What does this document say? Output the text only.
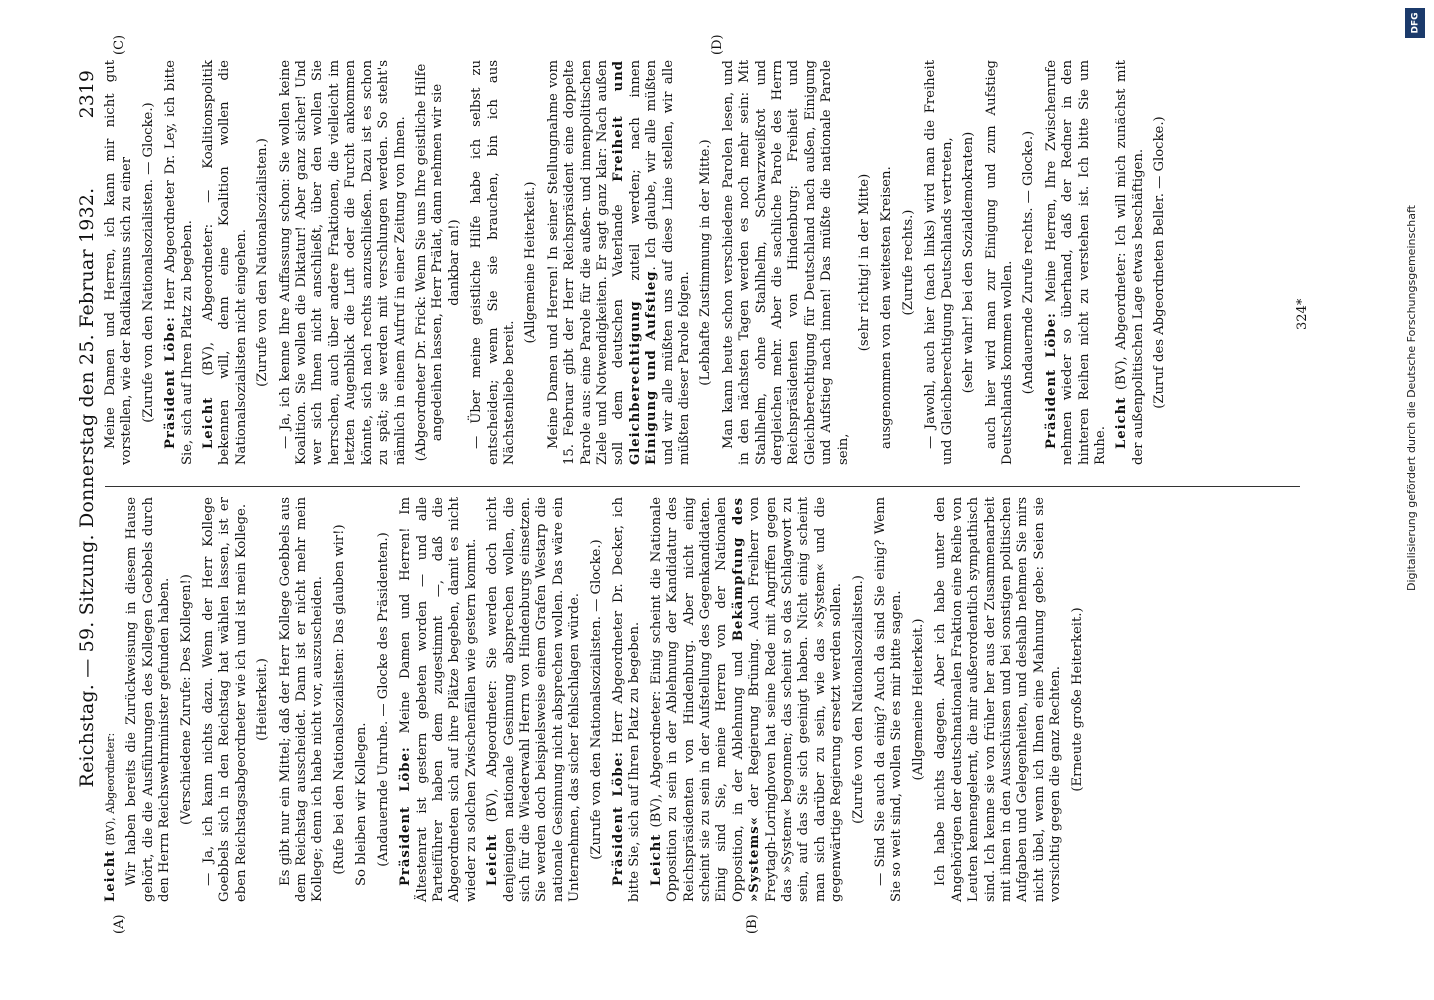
Reichstag. — 59. Sitzung. Donnerstag den 25. Februar 1932.
2319
(A)	(B)
(C)	(D)

Leicht (BV), Abgeordneter: Wir haben bereits die Zurückweisung in diesem Hause gehört, die die Ausführungen des Kollegen Goebbels durch den Herrn Reichswehrminister gefunden haben. (Verschiedene Zurufe: Des Kollegen!) — Ja, ich kann nichts dazu. Wenn der Herr Kollege Goebbels sich in den Reichstag hat wählen lassen, ist er eben Reichstagsabgeordneter wie ich und ist mein Kollege. (Heiterkeit.) Es gibt nur ein Mittel; daß der Herr Kollege Goebbels aus dem Reichstag ausscheidet. Dann ist er nicht mehr mein Kollege; denn ich habe nicht vor, auszuscheiden. (Rufe bei den Nationalsozialisten: Das glauben wir!) So bleiben wir Kollegen. (Andauernde Unruhe. — Glocke des Präsidenten.) Präsident Löbe: Meine Damen und Herren! Im Ältestenrat ist gestern gebeten worden — und alle Parteiführer haben dem zugestimmt —, daß die Abgeordneten sich auf ihre Plätze begeben, damit es nicht wieder zu solchen Zwischenfällen wie gestern kommt. Leicht (BV), Abgeordneter: Sie werden doch nicht denjenigen nationale Gesinnung absprechen wollen, die sich für die Wiederwahl Herrn von Hindenburgs einsetzen. Sie werden doch beispielsweise einem Grafen Westarp die nationale Gesinnung nicht absprechen wollen. Das wäre ein Unternehmen, das sicher fehlschlagen würde. (Zurufe von den Nationalsozialisten. — Glocke.) Präsident Löbe: Herr Abgeordneter Dr. Decker, ich bitte Sie, sich auf Ihren Platz zu begeben. Leicht (BV), Abgeordneter: Einig scheint die Nationale Opposition zu sein in der Ablehnung der Kandidatur des Reichspräsidenten von Hindenburg. Aber nicht einig scheint sie zu sein in der Aufstellung des Gegenkandidaten. Einig sind Sie, meine Herren von der Nationalen Opposition, in der Ablehnung und Bekämpfung des »Systems« der Regierung Brüning. Auch Freiherr von Freytagh-Loringhoven hat seine Rede mit Angriffen gegen das »System« begonnen; das scheint so das Schlagwort zu sein, auf das Sie sich geeinigt haben. Nicht einig scheint man sich darüber zu sein, wie das »System« und die gegenwärtige Regierung ersetzt werden sollen. (Zurufe von den Nationalsozialisten.) — Sind Sie auch da einig? Auch da sind Sie einig? Wenn Sie so weit sind, wollen Sie es mir bitte sagen. (Allgemeine Heiterkeit.) Ich habe nichts dagegen. Aber ich habe unter den Angehörigen der deutschnationalen Fraktion eine Reihe von Leuten kennengelernt, die mir außerordentlich sympathisch sind. Ich kenne sie von früher her aus der Zusammenarbeit mit ihnen in den Ausschüssen und bei sonstigen politischen Aufgaben und Gelegenheiten, und deshalb nehmen Sie mirs nicht übel, wenn ich Ihnen eine Mahnung gebe: Seien sie vorsichtig gegen die ganz Rechten. (Erneute große Heiterkeit.)

Meine Damen und Herren, ich kann mir nicht gut vorstellen, wie der Radikalismus sich zu einer (Zurufe von den Nationalsozialisten. — Glocke.) Präsident Löbe: Herr Abgeordneter Dr. Ley, ich bitte Sie, sich auf Ihren Platz zu begeben. Leicht (BV), Abgeordneter: — Koalitionspolitik bekennen will, denn eine Koalition wollen die Nationalsozialisten nicht eingehen. (Zurufe von den Nationalsozialisten.) — Ja, ich kenne Ihre Auffassung schon: Sie wollen keine Koalition. Sie wollen die Diktatur! Aber ganz sicher! Und wer sich Ihnen nicht anschließt, über den wollen Sie herrschen, auch über andere Fraktionen, die vielleicht im letzten Augenblick die Luft oder die Furcht ankommen könnte, sich nach rechts anzuschließen. Dazu ist es schon zu spät; sie werden mit verschlungen werden. So steht's nämlich in einem Aufruf in einer Zeitung von Ihnen. (Abgeordneter Dr. Frick: Wenn Sie uns Ihre geistliche Hilfe angedeihen lassen, Herr Prälat, dann nehmen wir sie dankbar an!) — Über meine geistliche Hilfe habe ich selbst zu entscheiden; wenn Sie sie brauchen, bin ich aus Nächstenliebe bereit.

(Allgemeine Heiterkeit.) Meine Damen und Herren! In seiner Stellungnahme vom 15. Februar gibt der Herr Reichspräsident eine doppelte Parole aus: eine Parole für die außen- und innenpolitischen Ziele und Notwendigkeiten. Er sagt ganz klar: Nach außen soll dem deutschen Vaterlande Freiheit und Gleichberechtigung zuteil werden; nach innen Einigung und Aufstieg. Ich glaube, wir alle müßten und wir alle müßten uns auf diese Linie stellen, wir alle müßten dieser Parole folgen. (Lebhafte Zustimmung in der Mitte.) Man kann heute schon verschiedene Parolen lesen, und in den nächsten Tagen werden es noch mehr sein: Mit Stahlhelm, ohne Stahlhelm, Schwarzweißrot und dergleichen mehr. Aber die sachliche Parole des Herrn Reichspräsidenten von Hindenburg: Freiheit und Gleichberechtigung für Deutschland nach außen, Einigung und Aufstieg nach innen! Das müßte die nationale Parole sein,

(sehr richtig! in der Mitte) ausgenommen von den weitesten Kreisen. (Zurufe rechts.) — Jawohl, auch hier (nach links) wird man die Freiheit und Gleichberechtigung Deutschlands vertreten, (sehr wahr! bei den Sozialdemokraten) auch hier wird man zur Einigung und zum Aufstieg Deutschlands kommen wollen. (Andauernde Zurufe rechts. — Glocke.) Präsident Löbe: Meine Herren, Ihre Zwischenrufe nehmen wieder so überhand, daß der Redner in den hinteren Reihen nicht zu verstehen ist. Ich bitte Sie um Ruhe. Leicht (BV), Abgeordneter: Ich will mich zunächst mit der außenpolitischen Lage etwas beschäftigen. (Zuruf des Abgeordneten Beller. — Glocke.)	324*
DFG
Digitalisierung gefördert durch die Deutsche Forschungsgemeinschaft
